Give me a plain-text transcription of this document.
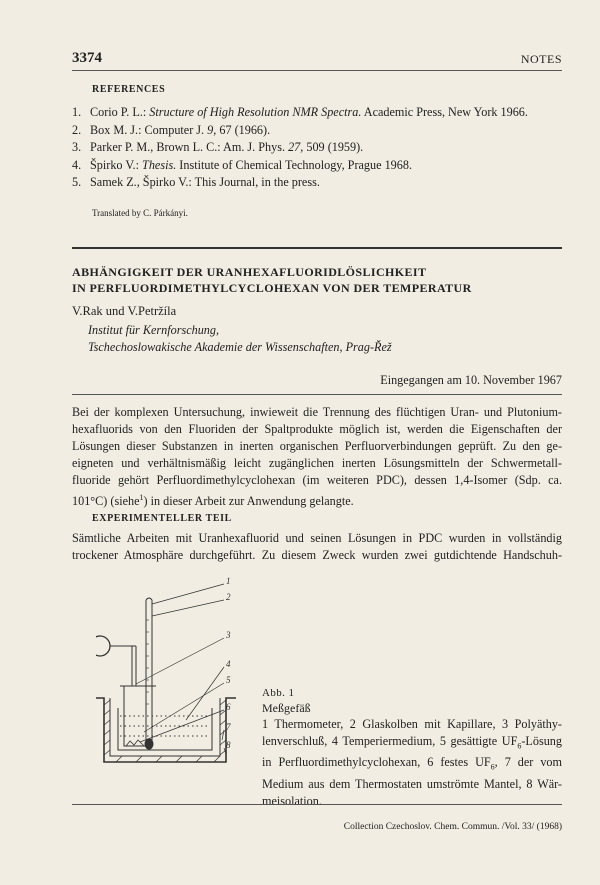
3374	NOTES
REFERENCES
1. Corio P. L.: Structure of High Resolution NMR Spectra. Academic Press, New York 1966.
2. Box M. J.: Computer J. 9, 67 (1966).
3. Parker P. M., Brown L. C.: Am. J. Phys. 27, 509 (1959).
4. Špirko V.: Thesis. Institute of Chemical Technology, Prague 1968.
5. Samek Z., Špirko V.: This Journal, in the press.
Translated by C. Párkányi.
ABHÄNGIGKEIT DER URANHEXAFLUORIDLÖSLICHKEIT
IN PERFLUORDIMETHYLCYCLOHEXAN VON DER TEMPERATUR
V.Rak und V.Petržíla
Institut für Kernforschung,
Tschechoslowakische Akademie der Wissenschaften, Prag-Řež
Eingegangen am 10. November 1967
Bei der komplexen Untersuchung, inwieweit die Trennung des flüchtigen Uran- und Plutonium-
hexafluorids von den Fluoriden der Spaltprodukte möglich ist, werden die Eigenschaften der
Lösungen dieser Substanzen in inerten organischen Perfluorverbindungen geprüft. Zu den ge-
eigneten und verhältnismäßig leicht zugänglichen inerten Lösungsmitteln der Schwermetall-
fluoride gehört Perfluordimethylcyclohexan (im weiteren PDC), dessen 1,4-Isomer (Sdp. ca.
101°C) (siehe$^1$) in dieser Arbeit zur Anwendung gelangte.
EXPERIMENTELLER TEIL
Sämtliche Arbeiten mit Uranhexafluorid und seinen Lösungen in PDC wurden in vollständig
trockener Atmosphäre durchgeführt. Zu diesem Zweck wurden zwei gutdichtende Handschuh-
1
2
3
4
5
6
7
8
Abb. 1
Meßgefäß
1 Thermometer, 2 Glaskolben mit Kapillare, 3 Polyäthy-
lenverschluß, 4 Temperiermedium, 5 gesättigte $UF_6$-Lösung
in Perfluordimethylcyclohexan, 6 festes $UF_6$, 7 der vom
Medium aus dem Thermostaten umströmte Mantel, 8 Wär-
meisolation.
Collection Czechoslov. Chem. Commun. /Vol. 33/ (1968)
